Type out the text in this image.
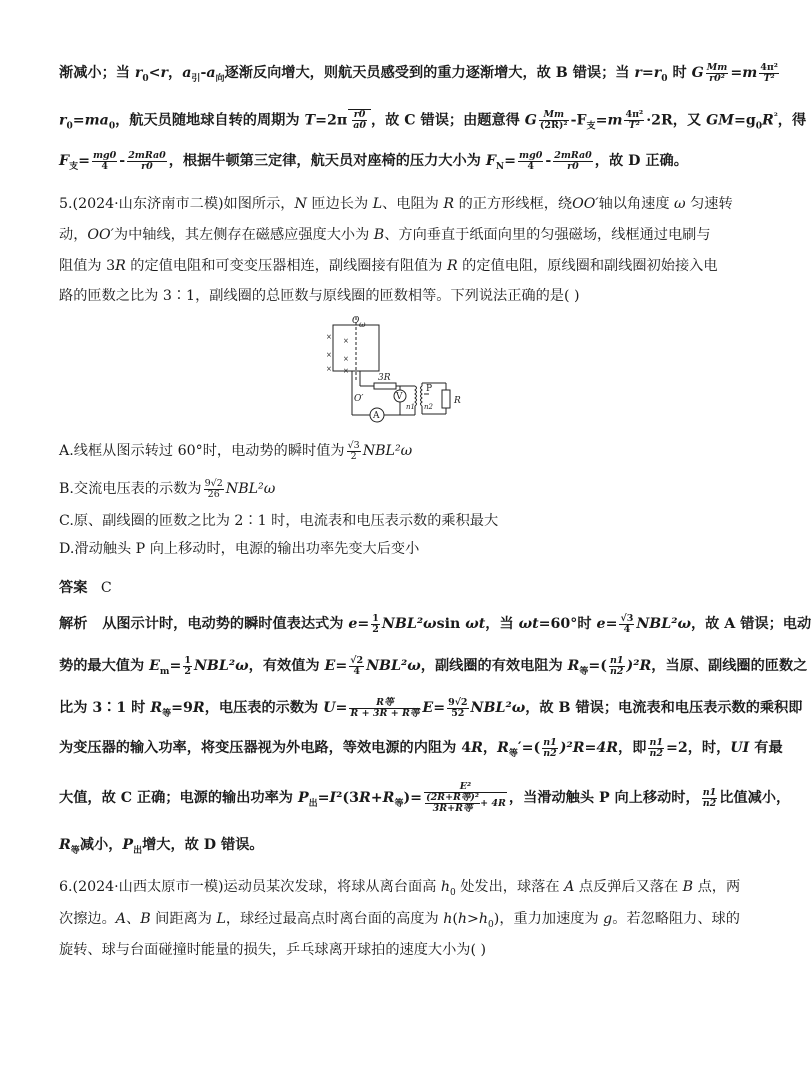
渐减小；当 $r_0<r$，$a_引-a_向$逐渐反向增大，则航天员感受到的重力逐渐增大，故 B 错误；当 $r=r_0$ 时 G $\frac{Mm}{\text{r0²}} =m \frac{\text{4π²}}{\text{T²}}$
$r_0=ma_0$，航天员随地球自转的周期为 $T=2\pi \frac{r0}{a0}$ ，故 C 错误；由题意得 G $\frac{Mm}{\text{(2R)²}} -F_支=m \frac{\text{4π²}}{\text{T²}} \cdot 2R$，又 $GM=g_0R^{^2}$，得
$F_支= \frac{mg0}{4} - \frac{\text{2mRa0}}{r0}$ ，根据牛顿第三定律，航天员对座椅的压力大小为 $F_N= \frac{mg0}{4} - \frac{\text{2mRa0}}{r0}$ ，故 D 正确。
5.(2024·山东济南市二模)如图所示，N 匝边长为 L、电阻为 R 的正方形线框，绕OO′轴以角速度 ω 匀速转
动，OO′为中轴线，其左侧存在磁感应强度大小为 B、方向垂直于纸面向里的匀强磁场，线框通过电刷与
阻值为 3R 的定值电阻和可变变压器相连，副线圈接有阻值为 R 的定值电阻，原线圈和副线圈初始接入电
路的匝数之比为 3∶1，副线圈的总匝数与原线圈的匝数相等。下列说法正确的是( )
×
×
×
×
×
×
O ω
O′
3R
V
A
P
n1 n2
R
A.线框从图示转过 60°时，电动势的瞬时值为 $\frac{√3}{2} NBL^2\omega$
B.交流电压表的示数为 $\frac{9√2}{26} NBL^2\omega$
C.原、副线圈的匝数之比为 2∶1 时，电流表和电压表示数的乘积最大
D.滑动触头 P 向上移动时，电源的输出功率先变大后变小
答案 C
解析 从图示计时，电动势的瞬时值表达式为 $e= \frac{1}{2} NBL^2\omega\sin$ ωt，当 ωt=60°时 $e= \frac{√3}{4} NBL^2\omega$，故 A 错误；电动
势的最大值为 $E_m= \frac{1}{2} NBL^2\omega$，有效值为 $E= \frac{√2}{4} NBL^2\omega$，副线圈的有效电阻为 $R_等=( \frac{n1}{n2} )^2R$，当原、副线圈的匝数之
比为 3∶1 时 $R_等=9R$，电压表的示数为 $U= \frac{\text{R等}}{\text{R + 3R + R等}} E= \frac{9√2}{52} NBL^2\omega$，故 B 错误；电流表和电压表示数的乘积即
为变压器的输入功率，将变压器视为外电路，等效电源的内阻为 4R，$R_等'=( \frac{n1}{n2} )^2R=4R$，即 $\frac{n1}{n2} =2$，时，UI 有最
大值，故 C 正确；电源的输出功率为 $P_出=I^2(3R+R_等)= \frac{\text{E²}}{\frac{\text{(2R+R等)²}}{\text{3R+R等}} + 4R}$ ，当滑动触头 P 向上移动时， $\frac{n1}{n2}$ 比值减小，
$R_等$减小，$P_出$增大，故 D 错误。
6.(2024·山西太原市一模)运动员某次发球，将球从离台面高 $h_0$ 处发出，球落在 A 点反弹后又落在 B 点，两
次擦边。A、B 间距离为 L，球经过最高点时离台面的高度为 $h(h>h_0)$，重力加速度为 g。若忽略阻力、球的
旋转、球与台面碰撞时能量的损失，乒乓球离开球拍的速度大小为( )
